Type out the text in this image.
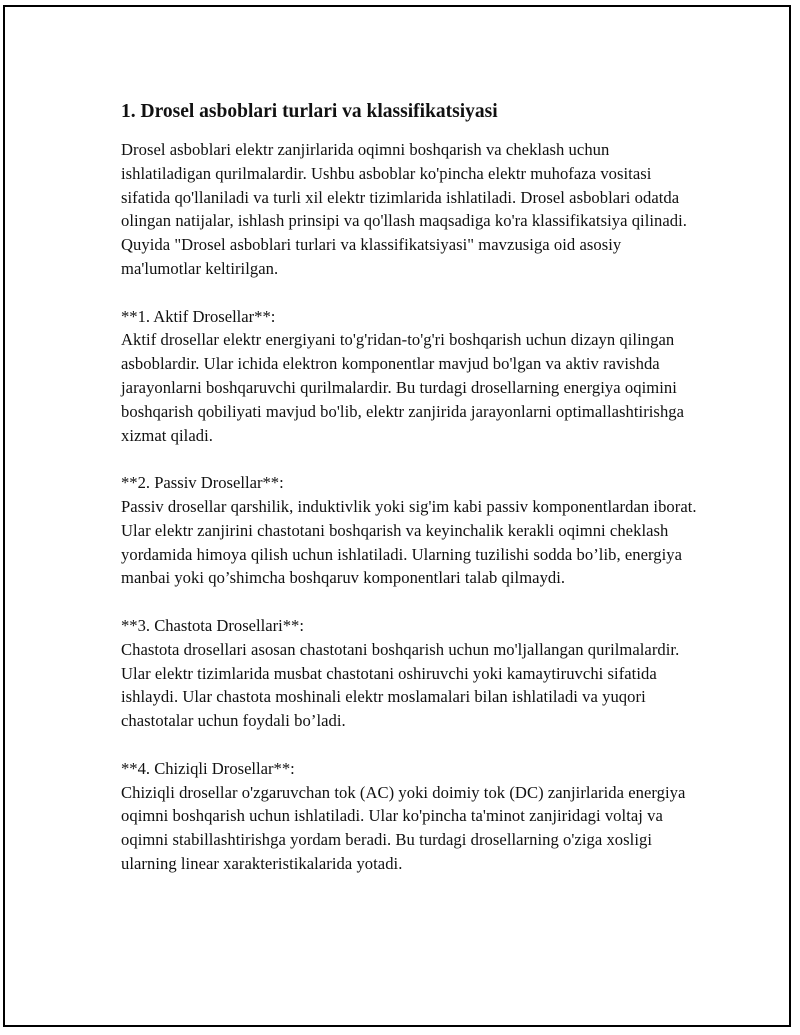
1. Drosel asboblari turlari va klassifikatsiyasi

Drosel asboblari elektr zanjirlarida oqimni boshqarish va cheklash uchun ishlatiladigan qurilmalardir. Ushbu asboblar ko'pincha elektr muhofaza vositasi sifatida qo'llaniladi va turli xil elektr tizimlarida ishlatiladi. Drosel asboblari odatda olingan natijalar, ishlash prinsipi va qo'llash maqsadiga ko'ra klassifikatsiya qilinadi. Quyida "Drosel asboblari turlari va klassifikatsiyasi" mavzusiga oid asosiy ma'lumotlar keltirilgan.

**1. Aktif Drosellar**:

Aktif drosellar elektr energiyani to'g'ridan-to'g'ri boshqarish uchun dizayn qilingan asboblardir. Ular ichida elektron komponentlar mavjud bo'lgan va aktiv ravishda jarayonlarni boshqaruvchi qurilmalardir. Bu turdagi drosellarning energiya oqimini boshqarish qobiliyati mavjud bo'lib, elektr zanjirida jarayonlarni optimallashtirishga xizmat qiladi.

**2. Passiv Drosellar**:

Passiv drosellar qarshilik, induktivlik yoki sig'im kabi passiv komponentlardan iborat. Ular elektr zanjirini chastotani boshqarish va keyinchalik kerakli oqimni cheklash yordamida himoya qilish uchun ishlatiladi. Ularning tuzilishi sodda bo’lib, energiya manbai yoki qo’shimcha boshqaruv komponentlari talab qilmaydi.

**3. Chastota Drosellari**:

Chastota drosellari asosan chastotani boshqarish uchun mo'ljallangan qurilmalardir. Ular elektr tizimlarida musbat chastotani oshiruvchi yoki kamaytiruvchi sifatida ishlaydi. Ular chastota moshinali elektr moslamalari bilan ishlatiladi va yuqori chastotalar uchun foydali bo’ladi.

**4. Chiziqli Drosellar**:

Chiziqli drosellar o'zgaruvchan tok (AC) yoki doimiy tok (DC) zanjirlarida energiya oqimni boshqarish uchun ishlatiladi. Ular ko'pincha ta'minot zanjiridagi voltaj va oqimni stabillashtirishga yordam beradi. Bu turdagi drosellarning o'ziga xosligi ularning linear xarakteristikalarida yotadi.
